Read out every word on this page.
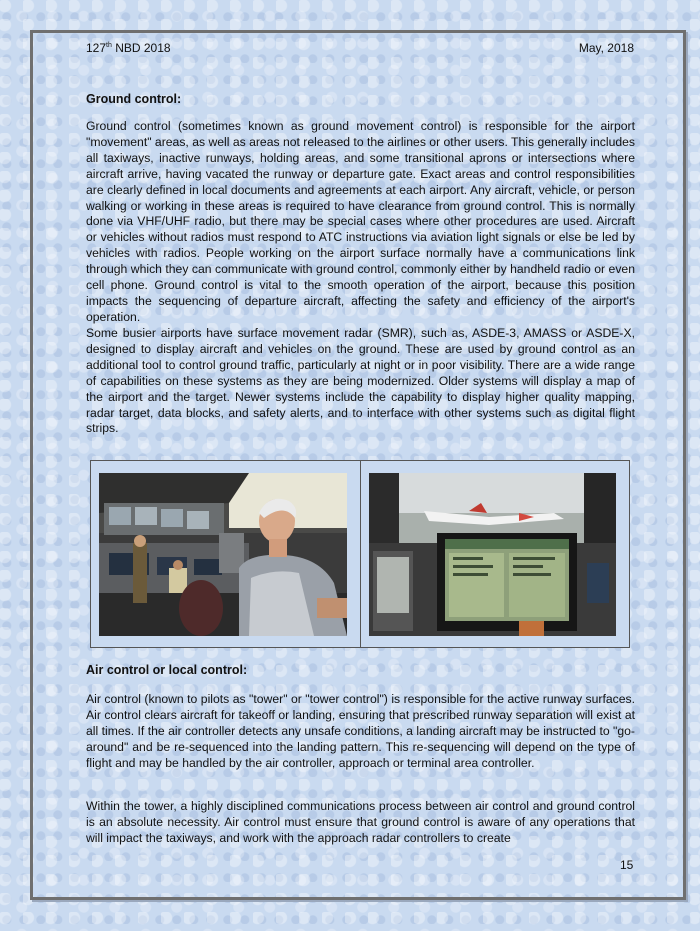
127th NBD 2018	May, 2018
Ground control:

Ground control (sometimes known as ground movement control) is responsible for the airport "movement" areas, as well as areas not released to the airlines or other users. This generally includes all taxiways, inactive runways, holding areas, and some transitional aprons or intersections where aircraft arrive, having vacated the runway or departure gate. Exact areas and control responsibilities are clearly defined in local documents and agreements at each airport. Any aircraft, vehicle, or person walking or working in these areas is required to have clearance from ground control. This is normally done via VHF/UHF radio, but there may be special cases where other procedures are used. Aircraft or vehicles without radios must respond to ATC instructions via aviation light signals or else be led by vehicles with radios. People working on the airport surface normally have a communications link through which they can communicate with ground control, commonly either by handheld radio or even cell phone. Ground control is vital to the smooth operation of the airport, because this position impacts the sequencing of departure aircraft, affecting the safety and efficiency of the airport's operation.

Some busier airports have surface movement radar (SMR), such as, ASDE-3, AMASS or ASDE-X, designed to display aircraft and vehicles on the ground. These are used by ground control as an additional tool to control ground traffic, particularly at night or in poor visibility. There are a wide range of capabilities on these systems as they are being modernized. Older systems will display a map of the airport and the target. Newer systems include the capability to display higher quality mapping, radar target, data blocks, and safety alerts, and to interface with other systems such as digital flight strips.

Air control or local control:

Air control (known to pilots as "tower" or "tower control") is responsible for the active runway surfaces. Air control clears aircraft for takeoff or landing, ensuring that prescribed runway separation will exist at all times. If the air controller detects any unsafe conditions, a landing aircraft may be instructed to "go-around" and be re-sequenced into the landing pattern. This re-sequencing will depend on the type of flight and may be handled by the air controller, approach or terminal area controller.

Within the tower, a highly disciplined communications process between air control and ground control is an absolute necessity. Air control must ensure that ground control is aware of any operations that will impact the taxiways, and work with the approach radar controllers to create

15
